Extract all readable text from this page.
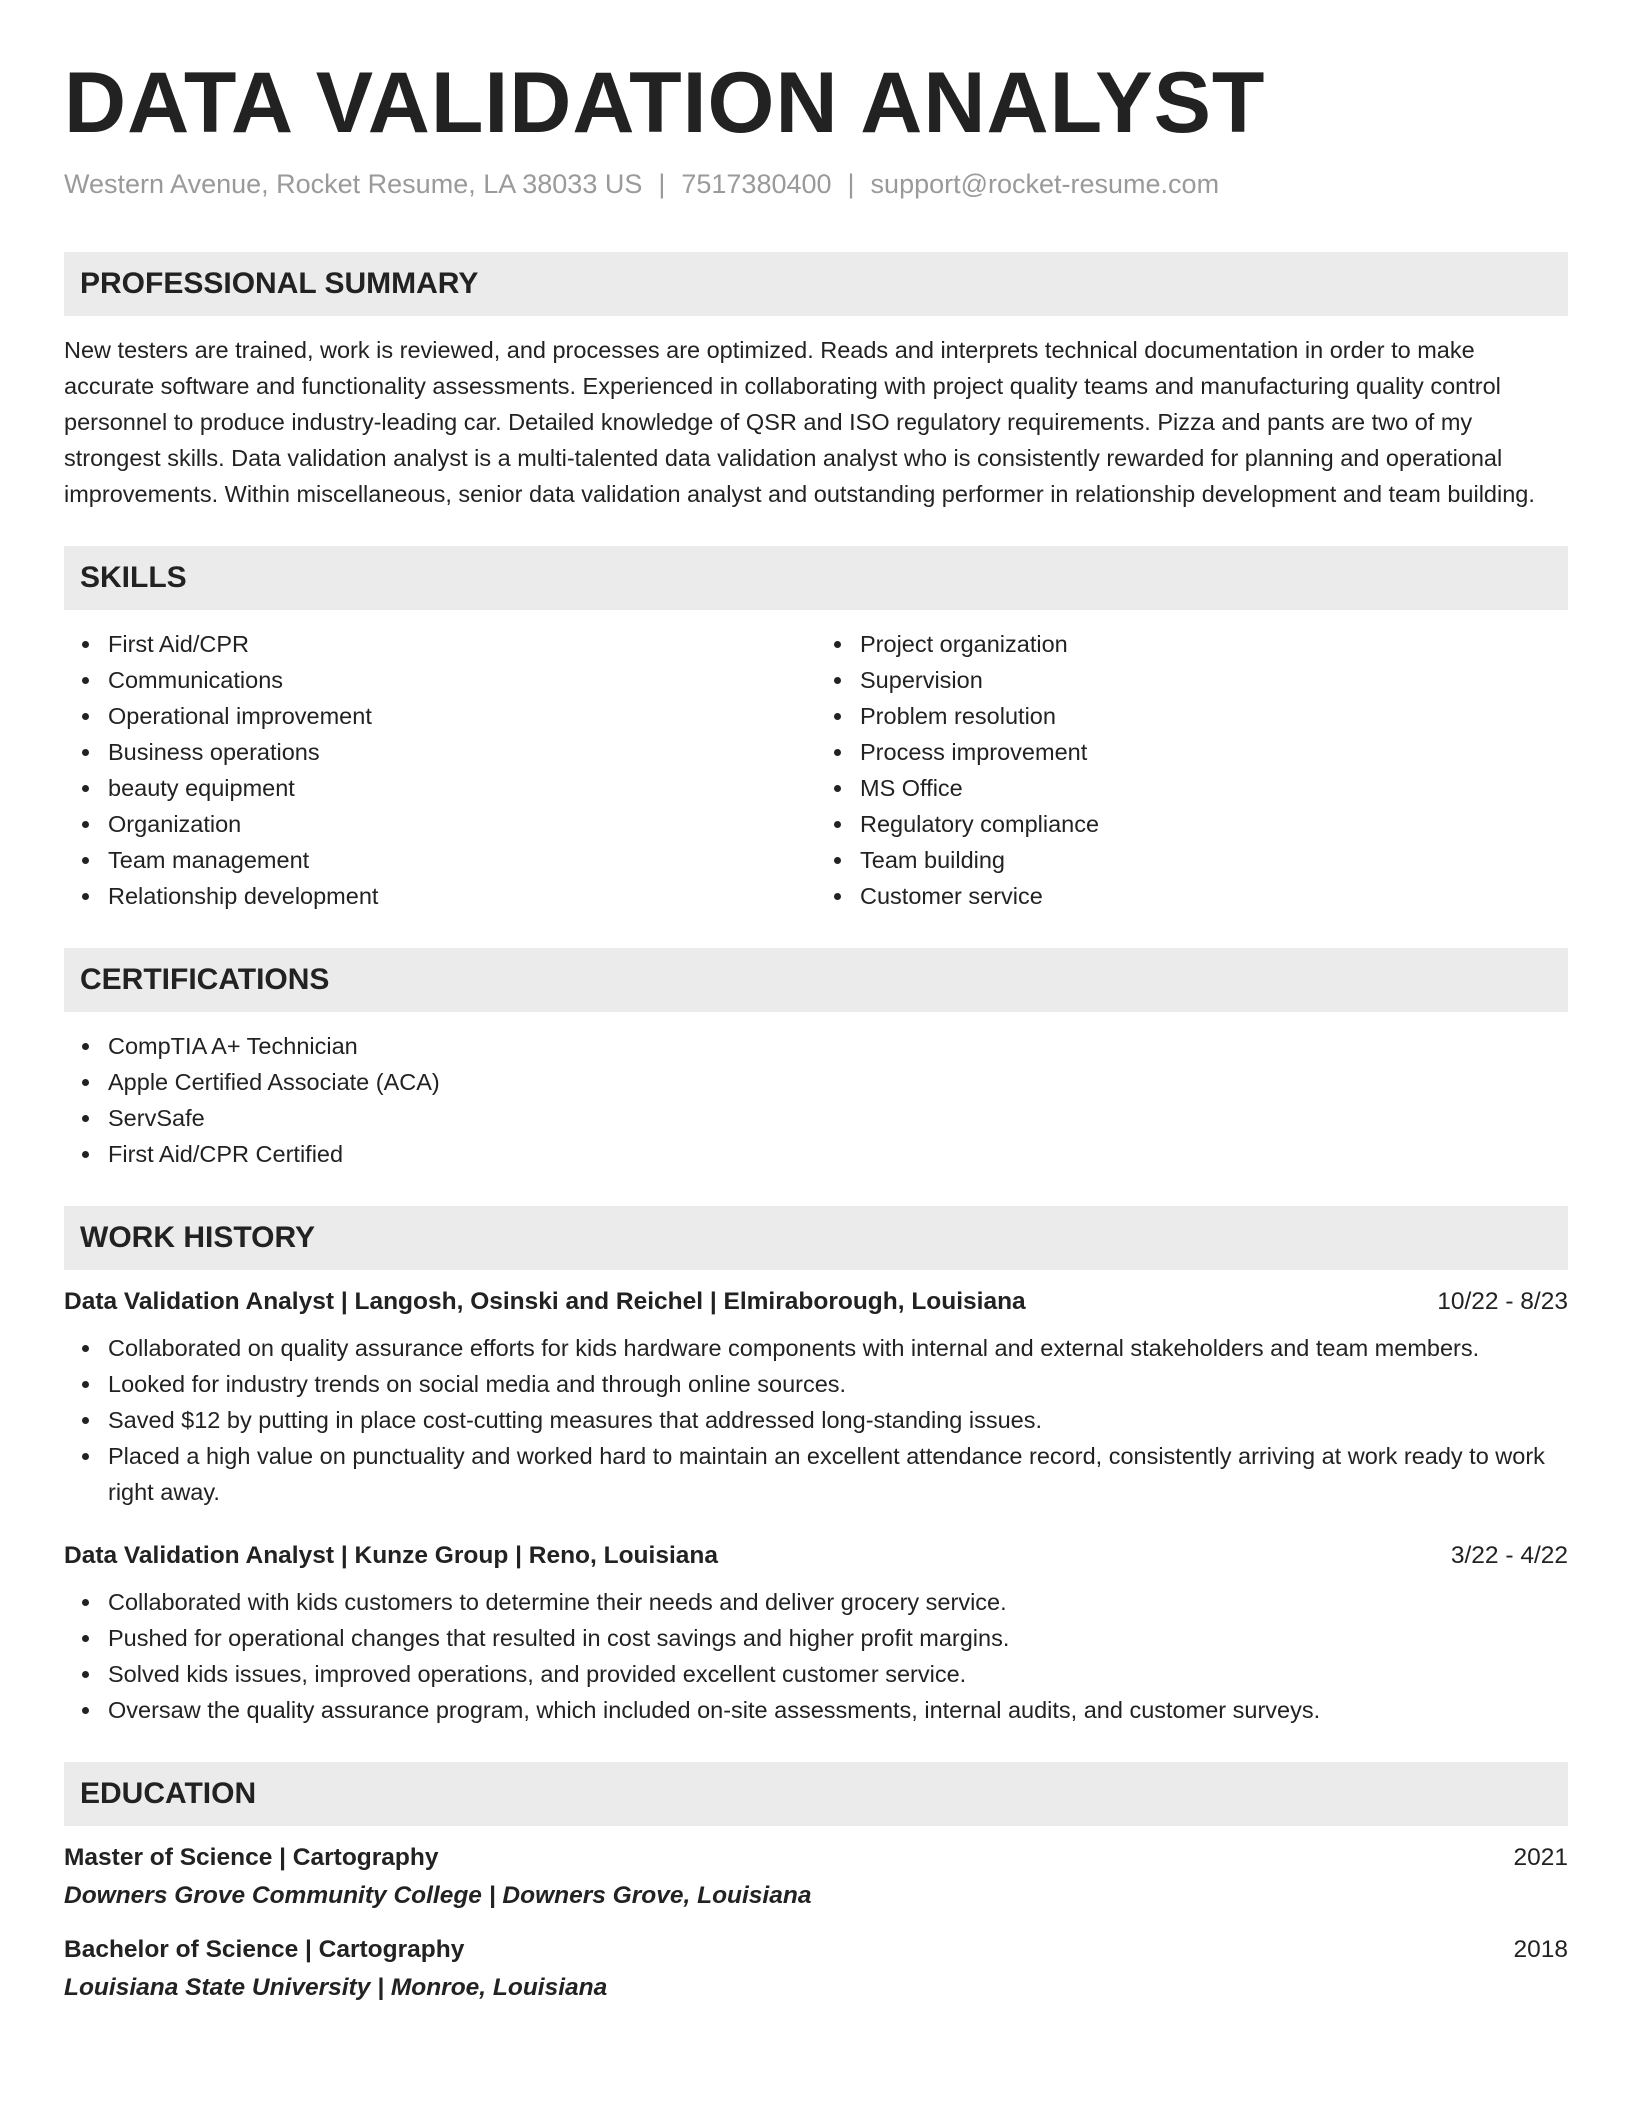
DATA VALIDATION ANALYST
Western Avenue, Rocket Resume, LA 38033 US | 7517380400 | support@rocket-resume.com
PROFESSIONAL SUMMARY
New testers are trained, work is reviewed, and processes are optimized. Reads and interprets technical documentation in order to make accurate software and functionality assessments. Experienced in collaborating with project quality teams and manufacturing quality control personnel to produce industry-leading car. Detailed knowledge of QSR and ISO regulatory requirements. Pizza and pants are two of my strongest skills. Data validation analyst is a multi-talented data validation analyst who is consistently rewarded for planning and operational improvements. Within miscellaneous, senior data validation analyst and outstanding performer in relationship development and team building.
SKILLS
First Aid/CPR
Communications
Operational improvement
Business operations
beauty equipment
Organization
Team management
Relationship development
Project organization
Supervision
Problem resolution
Process improvement
MS Office
Regulatory compliance
Team building
Customer service
CERTIFICATIONS
CompTIA A+ Technician
Apple Certified Associate (ACA)
ServSafe
First Aid/CPR Certified
WORK HISTORY
Data Validation Analyst | Langosh, Osinski and Reichel | Elmiraborough, Louisiana	10/22 - 8/23
Collaborated on quality assurance efforts for kids hardware components with internal and external stakeholders and team members.
Looked for industry trends on social media and through online sources.
Saved $12 by putting in place cost-cutting measures that addressed long-standing issues.
Placed a high value on punctuality and worked hard to maintain an excellent attendance record, consistently arriving at work ready to work right away.
Data Validation Analyst | Kunze Group | Reno, Louisiana	3/22 - 4/22
Collaborated with kids customers to determine their needs and deliver grocery service.
Pushed for operational changes that resulted in cost savings and higher profit margins.
Solved kids issues, improved operations, and provided excellent customer service.
Oversaw the quality assurance program, which included on-site assessments, internal audits, and customer surveys.
EDUCATION
Master of Science | Cartography	2021
Downers Grove Community College | Downers Grove, Louisiana
Bachelor of Science | Cartography	2018
Louisiana State University | Monroe, Louisiana
